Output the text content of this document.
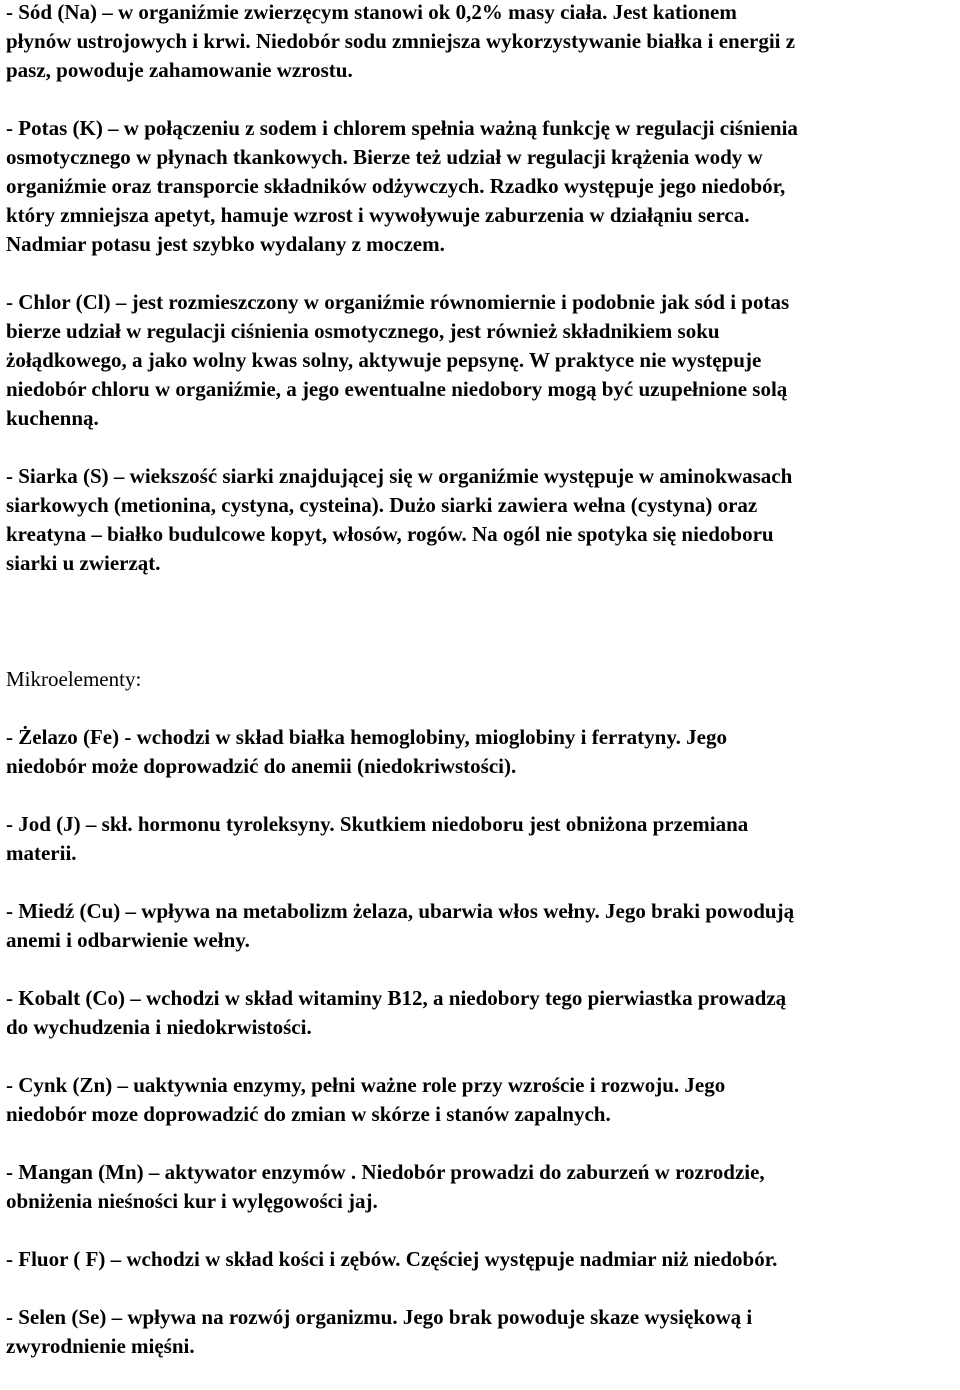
- Sód (Na) – w organiźmie zwierzęcym stanowi ok 0,2% masy ciała. Jest kationem
płynów ustrojowych i krwi. Niedobór sodu zmniejsza wykorzystywanie białka i energii z
pasz, powoduje zahamowanie wzrostu.
- Potas (K) – w połączeniu z sodem i chlorem spełnia ważną funkcję w regulacji ciśnienia
osmotycznego w płynach tkankowych. Bierze też udział w regulacji krążenia wody w
organiźmie oraz transporcie składników odżywczych. Rzadko występuje jego niedobór,
który zmniejsza apetyt, hamuje wzrost i wywoływuje zaburzenia w działąniu serca.
Nadmiar potasu jest szybko wydalany z moczem.
- Chlor (Cl) – jest rozmieszczony w organiźmie równomiernie i podobnie jak sód i potas
bierze udział w regulacji ciśnienia osmotycznego, jest również składnikiem soku
żołądkowego, a jako wolny kwas solny, aktywuje pepsynę. W praktyce nie występuje
niedobór chloru w organiźmie, a jego ewentualne niedobory mogą być uzupełnione solą
kuchenną.
- Siarka (S) – wiekszość siarki znajdującej się w organiźmie występuje w aminokwasach
siarkowych (metionina, cystyna, cysteina). Dużo siarki zawiera wełna (cystyna) oraz
kreatyna – białko budulcowe kopyt, włosów, rogów. Na ogól nie spotyka się niedoboru
siarki u zwierząt.
Mikroelementy:
- Żelazo (Fe) - wchodzi w skład białka hemoglobiny, mioglobiny i ferratyny. Jego
niedobór może doprowadzić do anemii (niedokriwstości).
- Jod (J) – skł. hormonu tyroleksyny. Skutkiem niedoboru jest obniżona przemiana
materii.
- Miedź (Cu) – wpływa na metabolizm żelaza, ubarwia włos wełny. Jego braki powodują
anemi i odbarwienie wełny.
- Kobalt (Co) – wchodzi w skład witaminy B12, a niedobory tego pierwiastka prowadzą
do wychudzenia i niedokrwistości.
- Cynk (Zn) – uaktywnia enzymy, pełni ważne role przy wzroście i rozwoju. Jego
niedobór moze doprowadzić do zmian w skórze i stanów zapalnych.
- Mangan (Mn) – aktywator enzymów . Niedobór prowadzi do zaburzeń w rozrodzie,
obniżenia nieśności kur i wylęgowości jaj.
- Fluor ( F) – wchodzi w skład kości i zębów. Częściej występuje nadmiar niż niedobór.
- Selen (Se) – wpływa na rozwój organizmu. Jego brak powoduje skaze wysiękową i
zwyrodnienie mięśni.
